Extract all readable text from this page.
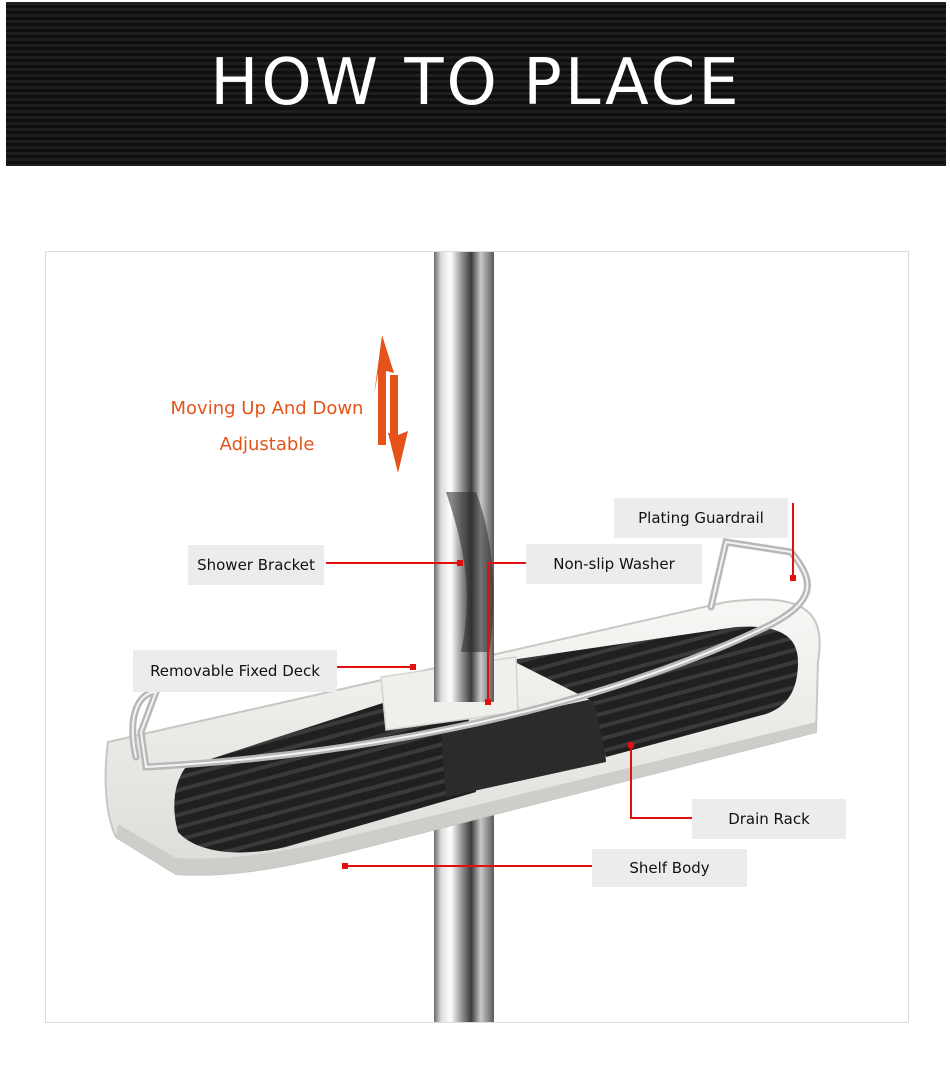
HOW TO PLACE
Moving Up And Down
Adjustable
Plating Guardrail
Shower Bracket	Non-slip Washer
Removable Fixed Deck
Drain Rack
Shelf Body
